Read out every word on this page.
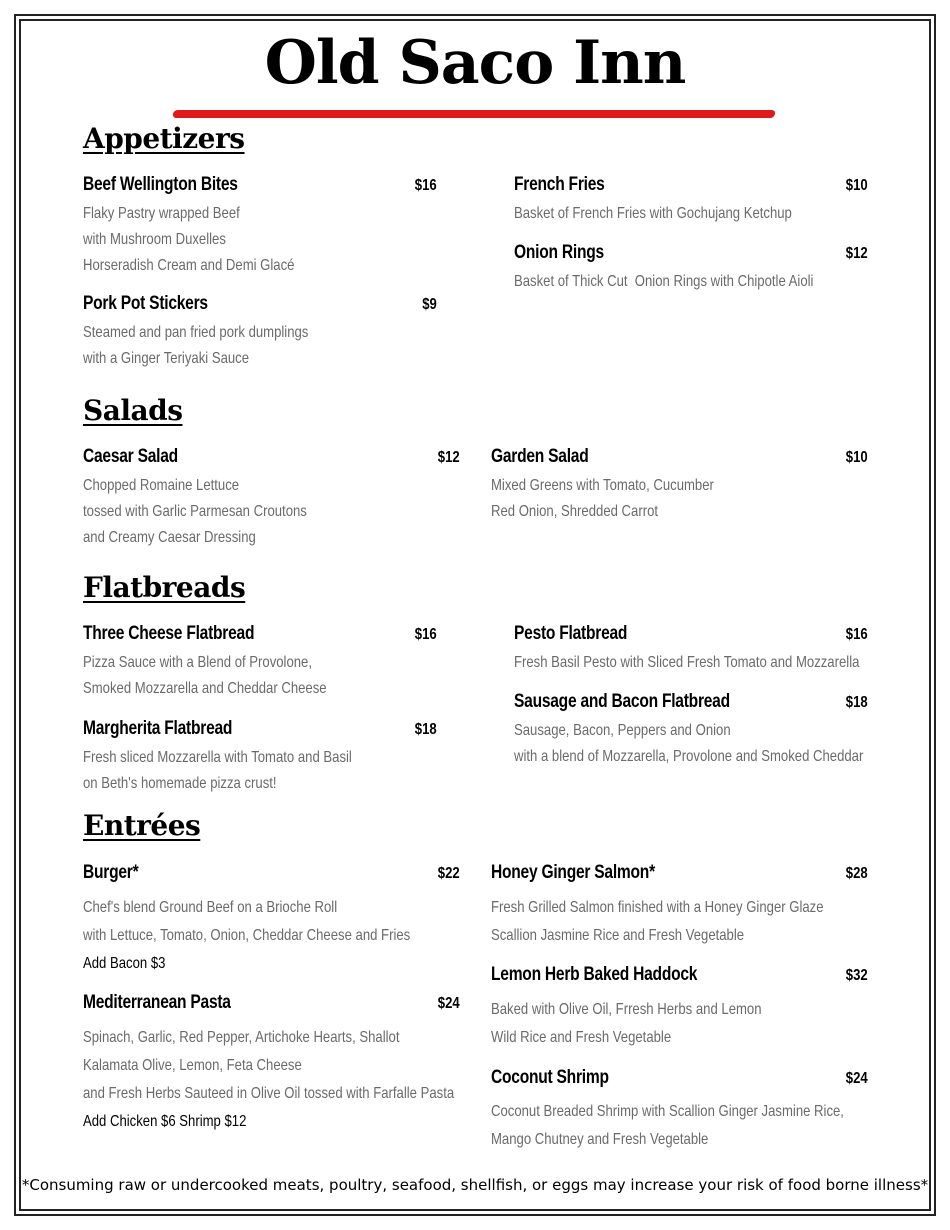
Old Saco Inn
Appetizers
Beef Wellington Bites	$16
Flaky Pastry wrapped Beef
with Mushroom Duxelles
Horseradish Cream and Demi Glacé
Pork Pot Stickers	$9
Steamed and pan fried pork dumplings
with a Ginger Teriyaki Sauce
French Fries	$10
Basket of French Fries with Gochujang Ketchup
Onion Rings	$12
Basket of Thick Cut  Onion Rings with Chipotle Aioli
Salads
Caesar Salad	$12
Chopped Romaine Lettuce
tossed with Garlic Parmesan Croutons
and Creamy Caesar Dressing
Garden Salad	$10
Mixed Greens with Tomato, Cucumber
Red Onion, Shredded Carrot
Flatbreads
Three Cheese Flatbread	$16
Pizza Sauce with a Blend of Provolone,
Smoked Mozzarella and Cheddar Cheese
Margherita Flatbread	$18
Fresh sliced Mozzarella with Tomato and Basil
on Beth's homemade pizza crust!
Pesto Flatbread	$16
Fresh Basil Pesto with Sliced Fresh Tomato and Mozzarella
Sausage and Bacon Flatbread	$18
Sausage, Bacon, Peppers and Onion
with a blend of Mozzarella, Provolone and Smoked Cheddar
Entrées
Burger*	$22
Chef's blend Ground Beef on a Brioche Roll
with Lettuce, Tomato, Onion, Cheddar Cheese and Fries
Add Bacon $3
Mediterranean Pasta	$24
Spinach, Garlic, Red Pepper, Artichoke Hearts, Shallot
Kalamata Olive, Lemon, Feta Cheese
and Fresh Herbs Sauteed in Olive Oil tossed with Farfalle Pasta
Add Chicken $6 Shrimp $12
Honey Ginger Salmon*	$28
Fresh Grilled Salmon finished with a Honey Ginger Glaze
Scallion Jasmine Rice and Fresh Vegetable
Lemon Herb Baked Haddock	$32
Baked with Olive Oil, Frresh Herbs and Lemon
Wild Rice and Fresh Vegetable
Coconut Shrimp	$24
Coconut Breaded Shrimp with Scallion Ginger Jasmine Rice,
Mango Chutney and Fresh Vegetable
*Consuming raw or undercooked meats, poultry, seafood, shellfish, or eggs may increase your risk of food borne illness*
